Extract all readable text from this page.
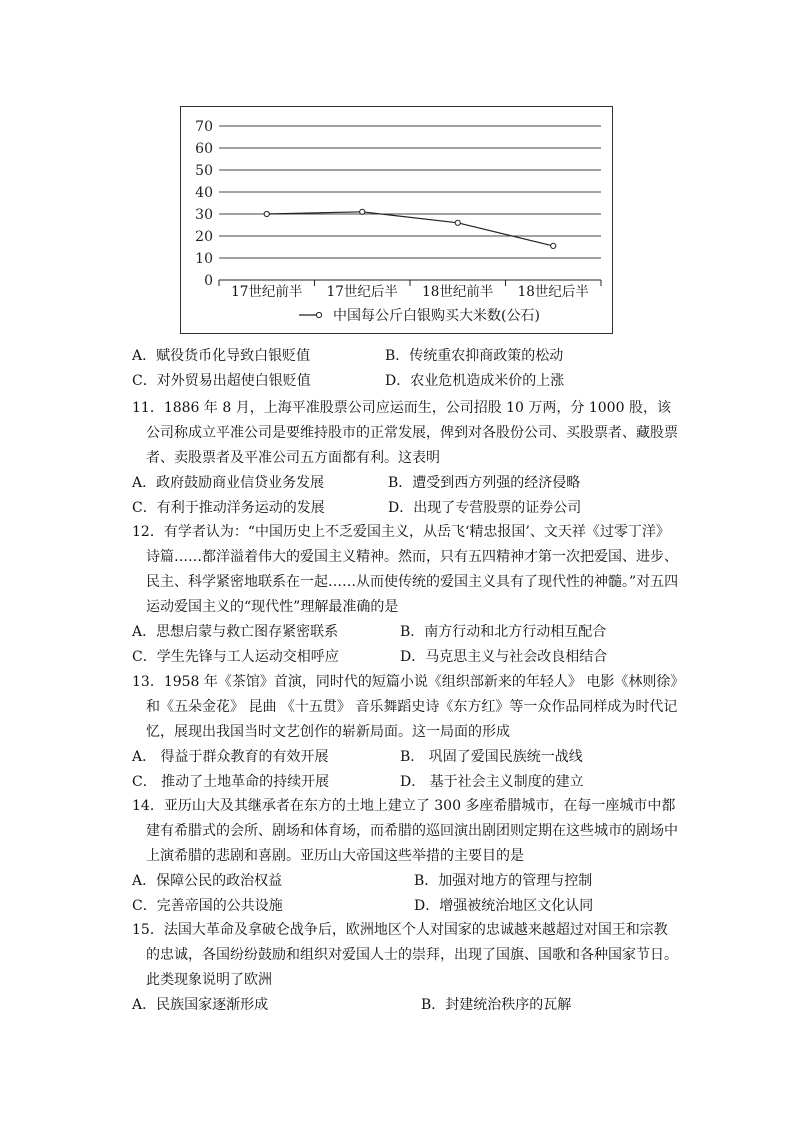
0
10
20
30
40
50
60
70
17世纪前半 17世纪后半 18世纪前半 18世纪后半
中国每公斤白银购买大米数(公石)
A．赋役货币化导致白银贬值	B．传统重农抑商政策的松动
C．对外贸易出超使白银贬值	D．农业危机造成米价的上涨
11．1886 年 8 月，上海平准股票公司应运而生，公司招股 10 万两，分 1000 股，该公司称成立平准公司是要维持股市的正常发展，俾到对各股份公司、买股票者、藏股票者、卖股票者及平准公司五方面都有利。这表明
A．政府鼓励商业信贷业务发展	B．遭受到西方列强的经济侵略
C．有利于推动洋务运动的发展	D．出现了专营股票的证券公司
12．有学者认为：“中国历史上不乏爱国主义，从岳飞‘精忠报国’、文天祥《过零丁洋》诗篇……都洋溢着伟大的爱国主义精神。然而，只有五四精神才第一次把爱国、进步、民主、科学紧密地联系在一起……从而使传统的爱国主义具有了现代性的神髓。”对五四运动爱国主义的“现代性”理解最准确的是
A．思想启蒙与救亡图存紧密联系	B．南方行动和北方行动相互配合
C．学生先锋与工人运动交相呼应	D．马克思主义与社会改良相结合
13．1958 年《茶馆》首演，同时代的短篇小说《组织部新来的年轻人》 电影《林则徐》和《五朵金花》 昆曲 《十五贯》 音乐舞蹈史诗《东方红》等一众作品同样成为时代记忆，展现出我国当时文艺创作的崭新局面。这一局面的形成
A． 得益于群众教育的有效开展	B． 巩固了爱国民族统一战线
C． 推动了土地革命的持续开展	D． 基于社会主义制度的建立
14．亚历山大及其继承者在东方的土地上建立了 300 多座希腊城市，在每一座城市中都建有希腊式的会所、剧场和体育场，而希腊的巡回演出剧团则定期在这些城市的剧场中上演希腊的悲剧和喜剧。亚历山大帝国这些举措的主要目的是
A．保障公民的政治权益	B．加强对地方的管理与控制
C．完善帝国的公共设施	D．增强被统治地区文化认同
15．法国大革命及拿破仑战争后，欧洲地区个人对国家的忠诚越来越超过对国王和宗教的忠诚，各国纷纷鼓励和组织对爱国人士的崇拜，出现了国旗、国歌和各种国家节日。此类现象说明了欧洲
A．民族国家逐渐形成	B．封建统治秩序的瓦解
